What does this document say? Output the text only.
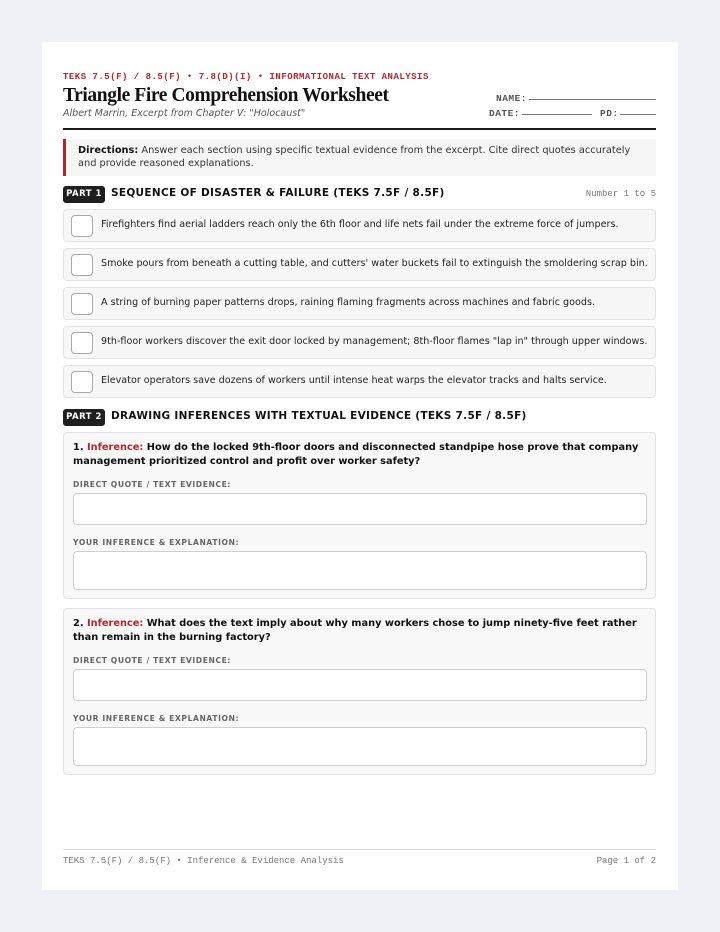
TEKS 7.5(F) / 8.5(F) • 7.8(D)(I) • INFORMATIONAL TEXT ANALYSIS
Triangle Fire Comprehension Worksheet
Albert Marrin, Excerpt from Chapter V: "Holocaust"
NAME:
DATE:	PD:
Directions: Answer each section using specific textual evidence from the excerpt. Cite direct quotes accurately and provide reasoned explanations.
PART 1 SEQUENCE OF DISASTER & FAILURE (TEKS 7.5F / 8.5F)	Number 1 to 5
Firefighters find aerial ladders reach only the 6th floor and life nets fail under the extreme force of jumpers.
Smoke pours from beneath a cutting table, and cutters' water buckets fail to extinguish the smoldering scrap bin.
A string of burning paper patterns drops, raining flaming fragments across machines and fabric goods.
9th-floor workers discover the exit door locked by management; 8th-floor flames "lap in" through upper windows.
Elevator operators save dozens of workers until intense heat warps the elevator tracks and halts service.
PART 2 DRAWING INFERENCES WITH TEXTUAL EVIDENCE (TEKS 7.5F / 8.5F)
1. Inference: How do the locked 9th-floor doors and disconnected standpipe hose prove that company management prioritized control and profit over worker safety?
DIRECT QUOTE / TEXT EVIDENCE:
YOUR INFERENCE & EXPLANATION:
2. Inference: What does the text imply about why many workers chose to jump ninety-five feet rather than remain in the burning factory?
DIRECT QUOTE / TEXT EVIDENCE:
YOUR INFERENCE & EXPLANATION:
TEKS 7.5(F) / 8.5(F) • Inference & Evidence Analysis	Page 1 of 2
